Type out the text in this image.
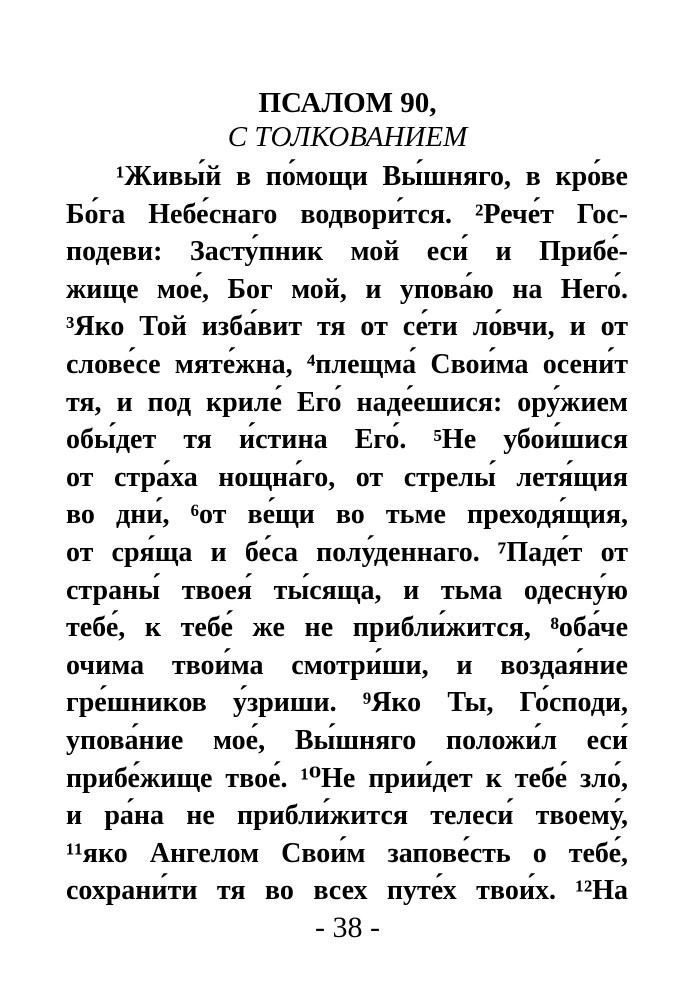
ПСАЛОМ 90,
С ТОЛКОВАНИЕМ
¹Живы́й в по́мощи Вы́шняго, в кро́ве
Бо́га Небе́снаго водвори́тся. ²Рече́т Гос-
подеви: Засту́пник мой еси́ и Прибе́-
жище мое́, Бог мой, и упова́ю на Него́.
³Яко Той изба́вит тя от се́ти ло́вчи, и от
слове́се мяте́жна, ⁴плещма́ Свои́ма осени́т
тя, и под криле́ Его́ наде́ешися: ору́жием
обы́дет тя и́стина Его́. ⁵Не убои́шися
от стра́ха нощна́го, от стрелы́ летя́щия
во дни́, ⁶от ве́щи во тьме преходя́щия,
от сря́ща и бе́са полу́деннаго. ⁷Паде́т от
страны́ твоея́ ты́сяща, и тьма одесну́ю
тебе́, к тебе́ же не прибли́жится, ⁸оба́че
очима твои́ма смотри́ши, и воздая́ние
гре́шников у́зриши. ⁹Яко Ты, Го́споди,
упова́ние мое́, Вы́шняго положи́л еси́
прибе́жище твое́. ¹⁰Не прии́дет к тебе́ зло́,
и ра́на не прибли́жится телеси́ твоему́,
¹¹яко Ангелом Свои́м запове́сть о тебе́,
сохрани́ти тя во всех путе́х твои́х. ¹²На
- 38 -
